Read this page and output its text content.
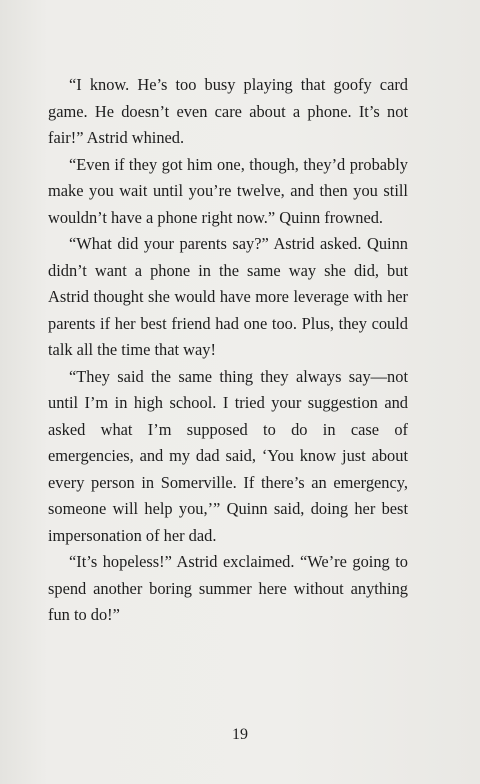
“I know. He’s too busy playing that goofy card game. He doesn’t even care about a phone. It’s not fair!” Astrid whined.

“Even if they got him one, though, they’d probably make you wait until you’re twelve, and then you still wouldn’t have a phone right now.” Quinn frowned.

“What did your parents say?” Astrid asked. Quinn didn’t want a phone in the same way she did, but Astrid thought she would have more leverage with her parents if her best friend had one too. Plus, they could talk all the time that way!

“They said the same thing they always say—not until I’m in high school. I tried your suggestion and asked what I’m supposed to do in case of emergencies, and my dad said, ‘You know just about every person in Somerville. If there’s an emergency, someone will help you,’” Quinn said, doing her best impersonation of her dad.

“It’s hopeless!” Astrid exclaimed. “We’re going to spend another boring summer here without anything fun to do!”

19
